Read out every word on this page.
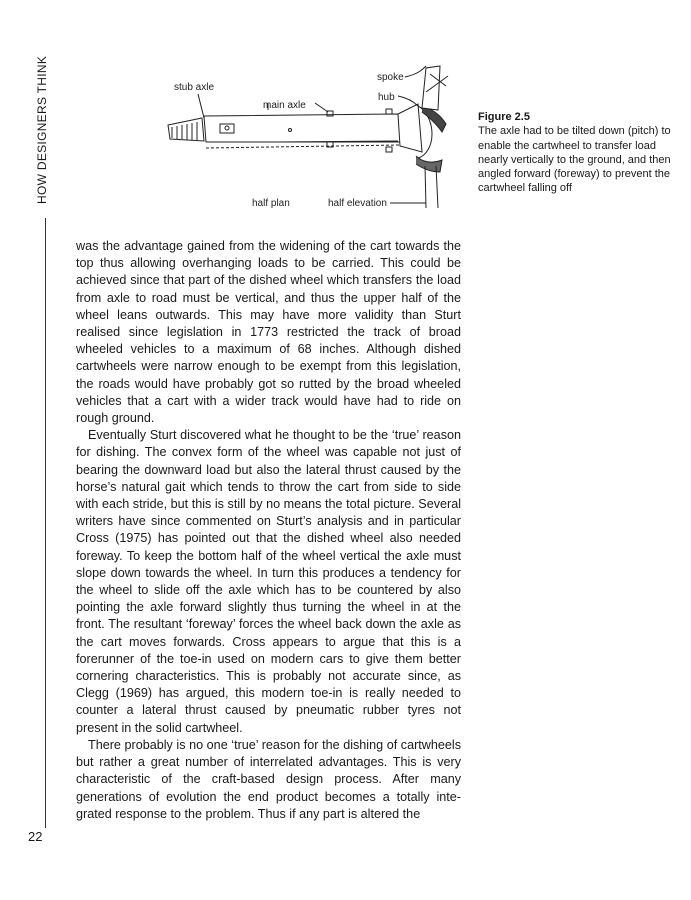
HOW DESIGNERS THINK
22
stub axle
main axle
spoke
hub
half plan	half elevation
Figure 2.5
The axle had to be tilted down (pitch) to enable the cartwheel to transfer load nearly vertically to the ground, and then angled forward (foreway) to prevent the cartwheel falling off

was the advantage gained from the widening of the cart towards the top thus allowing overhanging loads to be carried. This could be achieved since that part of the dished wheel which transfers the load from axle to road must be vertical, and thus the upper half of the wheel leans outwards. This may have more validity than Sturt realised since legislation in 1773 restricted the track of broad wheeled vehicles to a maximum of 68 inches. Although dished cartwheels were narrow enough to be exempt from this legislation, the roads would have probably got so rutted by the broad wheeled vehicles that a cart with a wider track would have had to ride on rough ground.

Eventually Sturt discovered what he thought to be the ‘true’ reason for dishing. The convex form of the wheel was capable not just of bearing the downward load but also the lateral thrust caused by the horse’s natural gait which tends to throw the cart from side to side with each stride, but this is still by no means the total picture. Several writers have since commented on Sturt’s analysis and in particular Cross (1975) has pointed out that the dished wheel also needed foreway. To keep the bottom half of the wheel vertical the axle must slope down towards the wheel. In turn this produces a tendency for the wheel to slide off the axle which has to be countered by also pointing the axle forward slightly thus turning the wheel in at the front. The resultant ‘foreway’ forces the wheel back down the axle as the cart moves forwards. Cross appears to argue that this is a forerunner of the toe-in used on modern cars to give them better cornering characteristics. This is probably not accurate since, as Clegg (1969) has argued, this modern toe-in is really needed to counter a lateral thrust caused by pneumatic rubber tyres not present in the solid cartwheel.

There probably is no one ‘true’ reason for the dishing of cartwheels but rather a great number of interrelated advantages. This is very characteristic of the craft-based design process. After many generations of evolution the end product becomes a totally integrated response to the problem. Thus if any part is altered the
